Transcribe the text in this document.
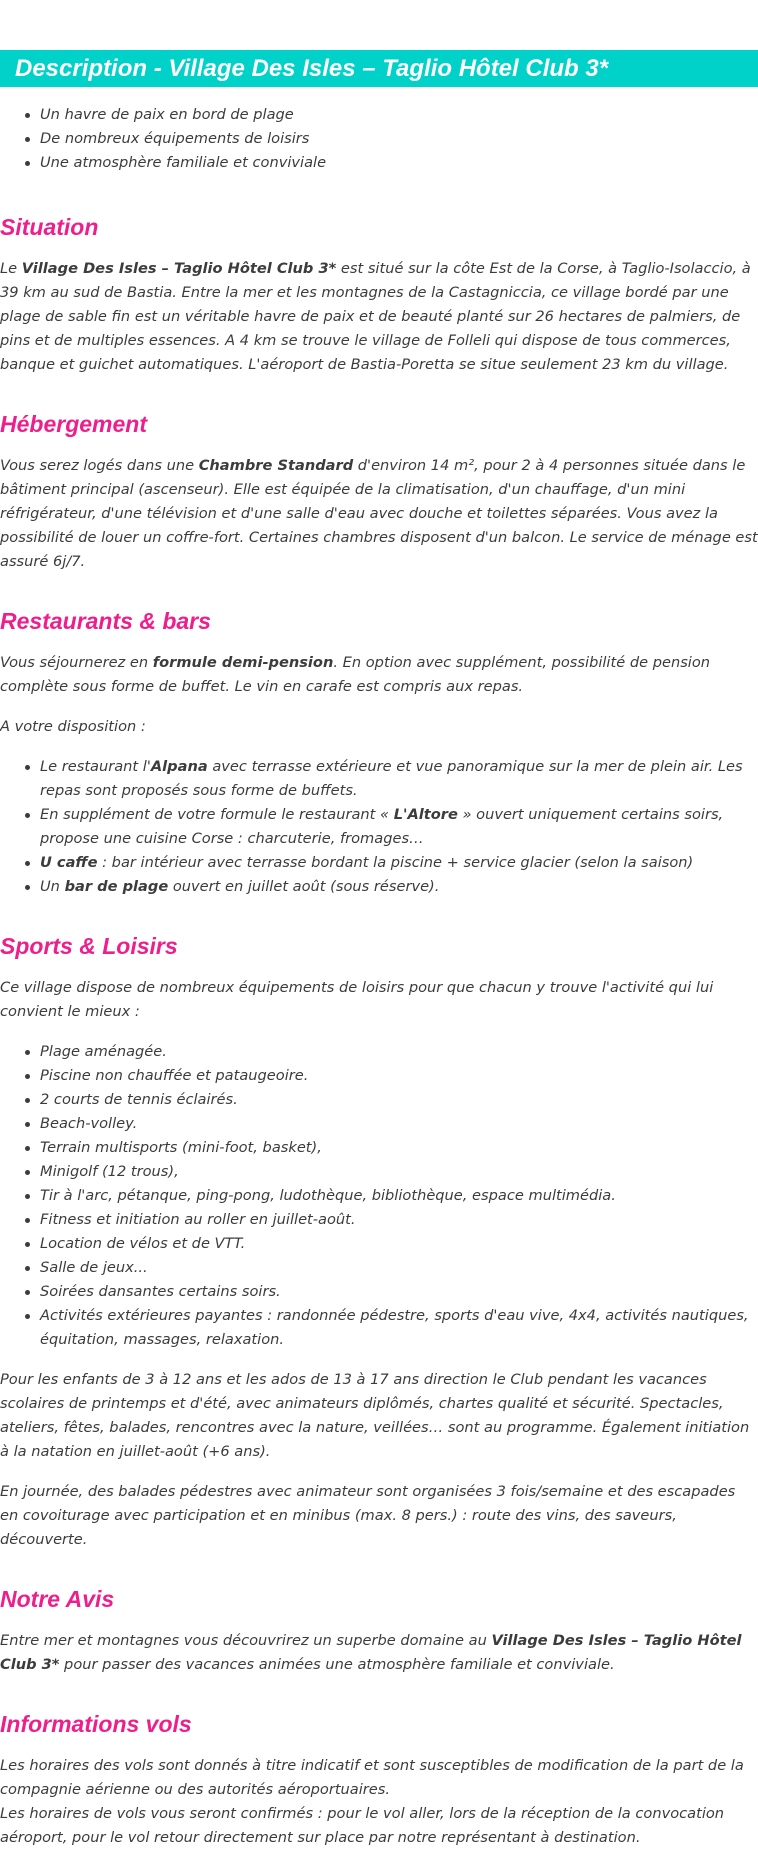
Description - Village Des Isles – Taglio Hôtel Club 3*
Un havre de paix en bord de plage
De nombreux équipements de loisirs
Une atmosphère familiale et conviviale
Situation

Le Village Des Isles – Taglio Hôtel Club 3* est situé sur la côte Est de la Corse, à Taglio-Isolaccio, à 39 km au sud de Bastia. Entre la mer et les montagnes de la Castagniccia, ce village bordé par une plage de sable fin est un véritable havre de paix et de beauté planté sur 26 hectares de palmiers, de pins et de multiples essences. A 4 km se trouve le village de Folleli qui dispose de tous commerces, banque et guichet automatiques. L'aéroport de Bastia-Poretta se situe seulement 23 km du village.

Hébergement

Vous serez logés dans une Chambre Standard d'environ 14 m², pour 2 à 4 personnes située dans le bâtiment principal (ascenseur). Elle est équipée de la climatisation, d'un chauffage, d'un mini réfrigérateur, d'une télévision et d'une salle d'eau avec douche et toilettes séparées. Vous avez la possibilité de louer un coffre-fort. Certaines chambres disposent d'un balcon. Le service de ménage est assuré 6j/7.

Restaurants & bars

Vous séjournerez en formule demi-pension. En option avec supplément, possibilité de pension complète sous forme de buffet. Le vin en carafe est compris aux repas.

A votre disposition :

Le restaurant l'Alpana avec terrasse extérieure et vue panoramique sur la mer de plein air. Les repas sont proposés sous forme de buffets.
En supplément de votre formule le restaurant « L'Altore » ouvert uniquement certains soirs, propose une cuisine Corse : charcuterie, fromages…
U caffe : bar intérieur avec terrasse bordant la piscine + service glacier (selon la saison)
Un bar de plage ouvert en juillet août (sous réserve).
Sports & Loisirs

Ce village dispose de nombreux équipements de loisirs pour que chacun y trouve l'activité qui lui convient le mieux :

Plage aménagée.
Piscine non chauffée et pataugeoire.
2 courts de tennis éclairés.
Beach-volley.
Terrain multisports (mini-foot, basket),
Minigolf (12 trous),
Tir à l'arc, pétanque, ping-pong, ludothèque, bibliothèque, espace multimédia.
Fitness et initiation au roller en juillet-août.
Location de vélos et de VTT.
Salle de jeux...
Soirées dansantes certains soirs.
Activités extérieures payantes : randonnée pédestre, sports d'eau vive, 4x4, activités nautiques, équitation, massages, relaxation.

Pour les enfants de 3 à 12 ans et les ados de 13 à 17 ans direction le Club pendant les vacances scolaires de printemps et d'été, avec animateurs diplômés, chartes qualité et sécurité. Spectacles, ateliers, fêtes, balades, rencontres avec la nature, veillées… sont au programme. Également initiation à la natation en juillet-août (+6 ans).

En journée, des balades pédestres avec animateur sont organisées 3 fois/semaine et des escapades en covoiturage avec participation et en minibus (max. 8 pers.) : route des vins, des saveurs, découverte.

Notre Avis

Entre mer et montagnes vous découvrirez un superbe domaine au Village Des Isles – Taglio Hôtel Club 3* pour passer des vacances animées une atmosphère familiale et conviviale.

Informations vols

Les horaires des vols sont donnés à titre indicatif et sont susceptibles de modification de la part de la compagnie aérienne ou des autorités aéroportuaires.

Les horaires de vols vous seront confirmés : pour le vol aller, lors de la réception de la convocation aéroport, pour le vol retour directement sur place par notre représentant à destination.
